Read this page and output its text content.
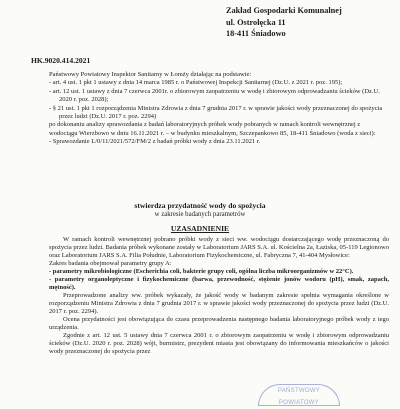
Zakład Gospodarki Komunalnej
ul. Ostrołęcka 11
18-411 Śniadowo
HK.9020.414.2021

Państwowy Powiatowy Inspektor Sanitarny w Łomży działając na podstawie:

- art. 4 ust. 1 pkt 1 ustawy z dnia 14 marca 1985 r. o Państwowej Inspekcji Sanitarnej (Dz.U. z 2021 r. poz. 195);

- art. 12 ust. 1 ustawy z dnia 7 czerwca 2001r. o zbiorowym zaopatrzeniu w wodę i zbiorowym odprowadzaniu ścieków (Dz.U. 2020 r. poz. 2028);

- § 21 ust. 1 pkt 1 rozporządzenia Ministra Zdrowia z dnia 7 grudnia 2017 r. w sprawie jakości wody przeznaczonej do spożycia przez ludzi (Dz.U. 2017 r. poz. 2294)

po dokonaniu analizy sprawozdania z badań laboratoryjnych próbek wody pobranych w ramach kontroli wewnętrznej z wodociągu Wierzbowo w dniu 16.11.2021 r. – w budynku mieszkalnym, Szczepankowo 85, 18-411 Śniadowo (woda z sieci):

- Sprawozdanie L/0/11/2021/572/FM/2 z badań próbki wody z dnia 23.11.2021 r.

stwierdza przydatność wody do spożycia
w zakresie badanych parametrów
UZASADNIENIE

W ramach kontroli wewnętrznej pobrano próbki wody z sieci ww. wodociągu dostarczającego wodę przeznaczoną do spożycia przez ludzi. Badania próbek wykonane zostały w Laboratorium JARS S.A. ul. Kościelna 2a, Łaziska, 05-119 Legionowo oraz Laboratorium JARS S.A. Filia Południe, Laboratorium Fizykochemiczne, ul. Fabryczna 7, 41-404 Mysłowice:

Zakres badania obejmował parametry grupy A:

- parametry mikrobiologiczne (Escherichia coli, bakterie grupy coli, ogólna liczba mikroorganizmów w 22°C).

- parametry organoleptyczne i fizykochemiczne (barwa, przewodność, stężenie jonów wodoru (pH), smak, zapach, mętność).

Przeprowadzone analizy ww. próbek wykazały, że jakość wody w badanym zakresie spełnia wymagania określone w rozporządzeniu Ministra Zdrowia z dnia 7 grudnia 2017 r. w sprawie jakości wody przeznaczonej do spożycia przez ludzi (Dz.U. 2017 r. poz. 2294).

Ocena przydatności jest obowiązująca do czasu przeprowadzenia następnego badania laboratoryjnego próbek wody z tego urządzenia.

Zgodnie z art. 12 ust. 5 ustawy dnia 7 czerwca 2001 r. o zbiorowym zaopatrzeniu w wodę i zbiorowym odprowadzaniu ścieków (Dz.U. 2020 r. poz. 2028) wójt, burmistrz, prezydent miasta jest obowiązany do informowania mieszkańców o jakości wody przeznaczonej do spożycia przez

PAŃSTWOWY POWIATOWY
